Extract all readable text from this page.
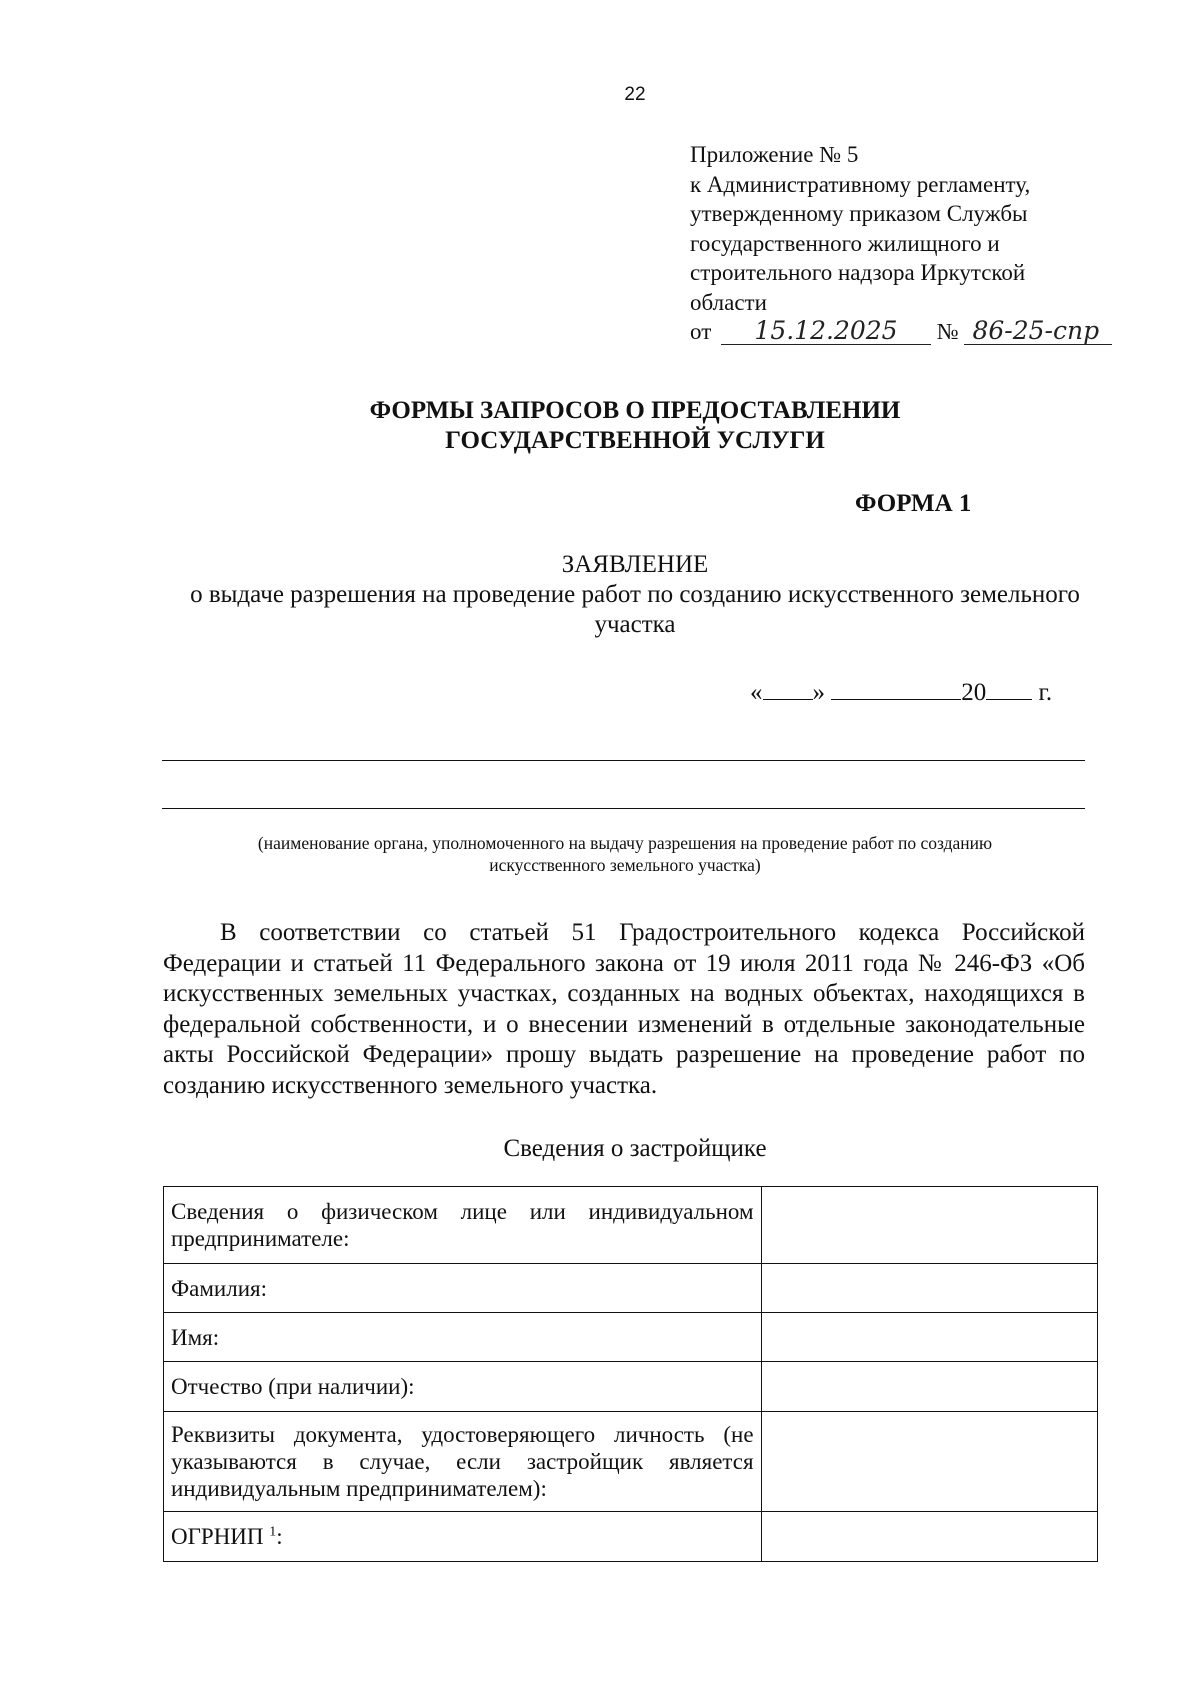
22
Приложение № 5
к Административному регламенту,
утвержденному приказом Службы
государственного жилищного и
строительного надзора Иркутской
области
от 15.12.2025 № 86-25-спр
ФОРМЫ ЗАПРОСОВ О ПРЕДОСТАВЛЕНИИ
ГОСУДАРСТВЕННОЙ УСЛУГИ
ФОРМА 1
ЗАЯВЛЕНИЕ
о выдаче разрешения на проведение работ по созданию искусственного земельного
участка
« »	20 г.
(наименование органа, уполномоченного на выдачу разрешения на проведение работ по созданию
искусственного земельного участка)
В соответствии со статьей 51 Градостроительного кодекса Российской Федерации и статьей 11 Федерального закона от 19 июля 2011 года № 246-ФЗ «Об искусственных земельных участках, созданных на водных объектах, находящихся в федеральной собственности, и о внесении изменений в отдельные законодательные акты Российской Федерации» прошу выдать разрешение на проведение работ по созданию искусственного земельного участка.
Сведения о застройщике
Сведения о физическом лице или индивидуальном предпринимателе:	
Фамилия:	
Имя:	
Отчество (при наличии):	
Реквизиты документа, удостоверяющего личность (не указываются в случае, если застройщик является индивидуальным предпринимателем):	
ОГРНИП $^1$:	
